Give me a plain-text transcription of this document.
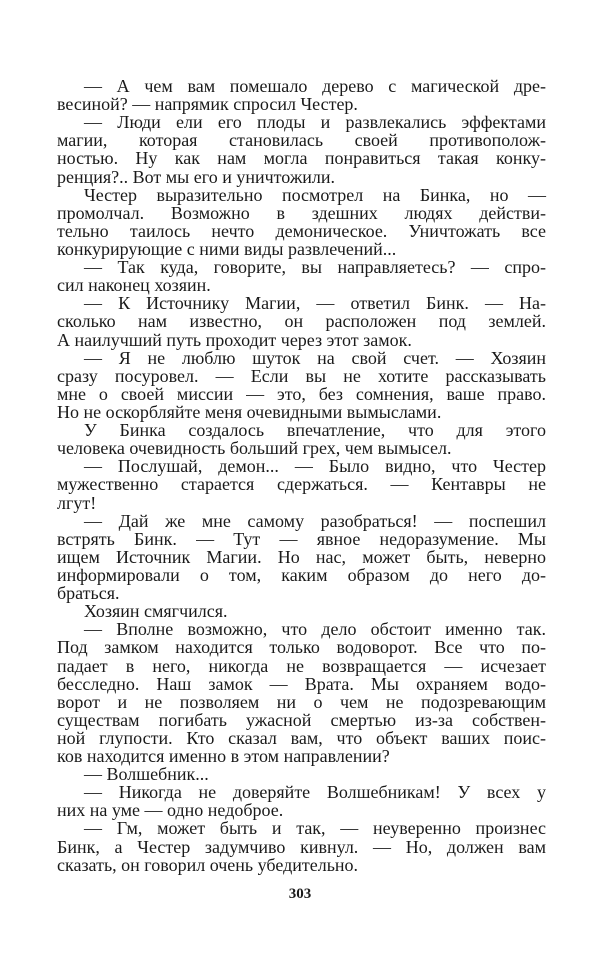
— А чем вам помешало дерево с магической дре-
весиной? — напрямик спросил Честер.
— Люди ели его плоды и развлекались эффектами
магии, которая становилась своей противополож-
ностью. Ну как нам могла понравиться такая конку-
ренция?.. Вот мы его и уничтожили.
Честер выразительно посмотрел на Бинка, но —
промолчал. Возможно в здешних людях действи-
тельно таилось нечто демоническое. Уничтожать все
конкурирующие с ними виды развлечений...
— Так куда, говорите, вы направляетесь? — спро-
сил наконец хозяин.
— К Источнику Магии, — ответил Бинк. — На-
сколько нам известно, он расположен под землей.
А наилучший путь проходит через этот замок.
— Я не люблю шуток на свой счет. — Хозяин
сразу посуровел. — Если вы не хотите рассказывать
мне о своей миссии — это, без сомнения, ваше право.
Но не оскорбляйте меня очевидными вымыслами.
У Бинка создалось впечатление, что для этого
человека очевидность больший грех, чем вымысел.
— Послушай, демон... — Было видно, что Честер
мужественно старается сдержаться. — Кентавры не
лгут!
— Дай же мне самому разобраться! — поспешил
встрять Бинк. — Тут — явное недоразумение. Мы
ищем Источник Магии. Но нас, может быть, неверно
информировали о том, каким образом до него до-
браться.
Хозяин смягчился.
— Вполне возможно, что дело обстоит именно так.
Под замком находится только водоворот. Все что по-
падает в него, никогда не возвращается — исчезает
бесследно. Наш замок — Врата. Мы охраняем водо-
ворот и не позволяем ни о чем не подозревающим
существам погибать ужасной смертью из-за собствен-
ной глупости. Кто сказал вам, что объект ваших поис-
ков находится именно в этом направлении?
— Волшебник...
— Никогда не доверяйте Волшебникам! У всех у
них на уме — одно недоброе.
— Гм, может быть и так, — неуверенно произнес
Бинк, а Честер задумчиво кивнул. — Но, должен вам
сказать, он говорил очень убедительно.
303
